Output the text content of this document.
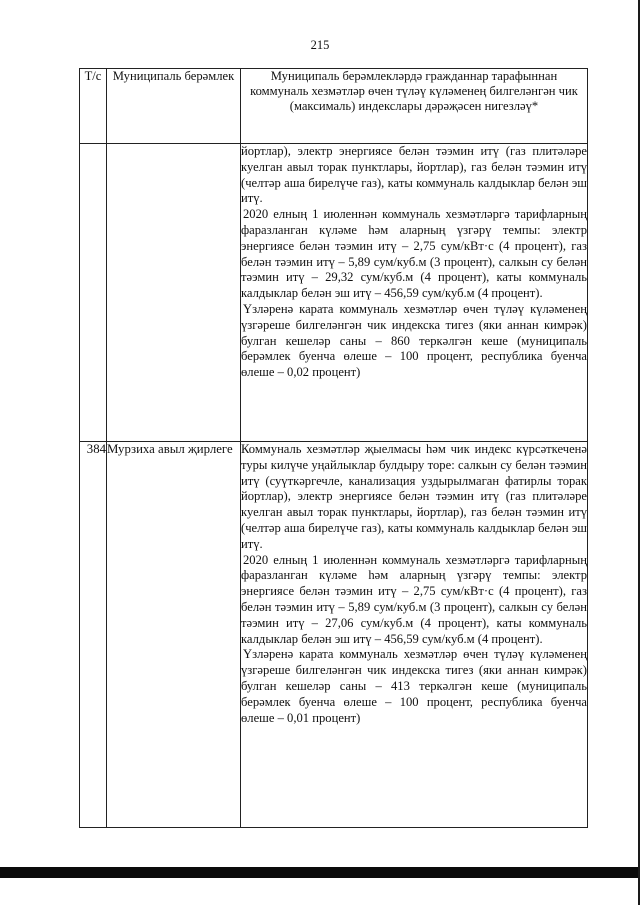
215
Т/с	Муниципаль берәмлек	Муниципаль берәмлекләрдә гражданнар тарафыннан коммуналь хезмәтләр өчен түләү күләменең билгеләнгән чик (максималь) индекслары дәрәҗәсен нигезләү*

		йортлар), электр энергиясе белән тәэмин итү (газ плитәләре куелган авыл торак пунктлары, йортлар), газ белән тәэмин итү (челтәр аша бирелүче газ), каты коммуналь калдыклар белән эш итү.

2020 елның 1 июленнән коммуналь хезмәтләргә тарифларның фаразланган күләме һәм аларның үзгәрү темпы: электр энергиясе белән тәэмин итү – 2,75 сум/кВт·с (4 процент), газ белән тәэмин итү – 5,89 сум/куб.м (3 процент), салкын су белән тәэмин итү – 29,32 сум/куб.м (4 процент), каты коммуналь калдыклар белән эш итү – 456,59 сум/куб.м (4 процент).

Үзләренә карата коммуналь хезмәтләр өчен түләү күләменең үзгәреше билгеләнгән чик индекска тигез (яки аннан кимрәк) булган кешеләр саны – 860 теркәлгән кеше (муниципаль берәмлек буенча өлеше – 100 процент, республика буенча өлеше – 0,02 процент)

384	Мурзиха авыл җирлеге	Коммуналь хезмәтләр җыелмасы һәм чик индекс күрсәткеченә туры килүче уңайлыклар булдыру торе: салкын су белән тәэмин итү (суүткәргечле, канализация уздырылмаган фатирлы торак йортлар), электр энергиясе белән тәэмин итү (газ плитәләре куелган авыл торак пунктлары, йортлар), газ белән тәэмин итү (челтәр аша бирелүче газ), каты коммуналь калдыклар белән эш итү.

2020 елның 1 июленнән коммуналь хезмәтләргә тарифларның фаразланган күләме һәм аларның үзгәрү темпы: электр энергиясе белән тәэмин итү – 2,75 сум/кВт·с (4 процент), газ белән тәэмин итү – 5,89 сум/куб.м (3 процент), салкын су белән тәэмин итү – 27,06 сум/куб.м (4 процент), каты коммуналь калдыклар белән эш итү – 456,59 сум/куб.м (4 процент).

Үзләренә карата коммуналь хезмәтләр өчен түләү күләменең үзгәреше билгеләнгән чик индекска тигез (яки аннан кимрәк) булган кешеләр саны – 413 теркәлгән кеше (муниципаль берәмлек буенча өлеше – 100 процент, республика буенча өлеше – 0,01 процент)
